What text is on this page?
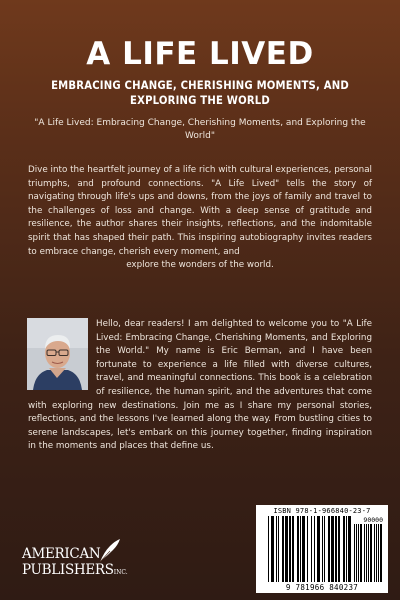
A LIFE LIVED
EMBRACING CHANGE, CHERISHING MOMENTS, AND EXPLORING THE WORLD
"A Life Lived: Embracing Change, Cherishing Moments, and Exploring the World"
Dive into the heartfelt journey of a life rich with cultural experiences, personal triumphs, and profound connections. "A Life Lived" tells the story of navigating through life's ups and downs, from the joys of family and travel to the challenges of loss and change. With a deep sense of gratitude and resilience, the author shares their insights, reflections, and the indomitable spirit that has shaped their path. This inspiring autobiography invites readers to embrace change, cherish every moment, and
explore the wonders of the world.
Hello, dear readers! I am delighted to welcome you to "A Life Lived: Embracing Change, Cherishing Moments, and Exploring the World." My name is Eric Berman, and I have been fortunate to experience a life filled with diverse cultures, travel, and meaningful connections. This book is a celebration of resilience, the human spirit, and the adventures that come with exploring new destinations. Join me as I share my personal stories, reflections, and the lessons I've learned along the way. From bustling cities to serene landscapes, let's embark on this journey together, finding inspiration in the moments and places that define us.
AMERICAN
PUBLISHERSINC.
ISBN 978-1-966840-23-7
90000
9 781966 840237
